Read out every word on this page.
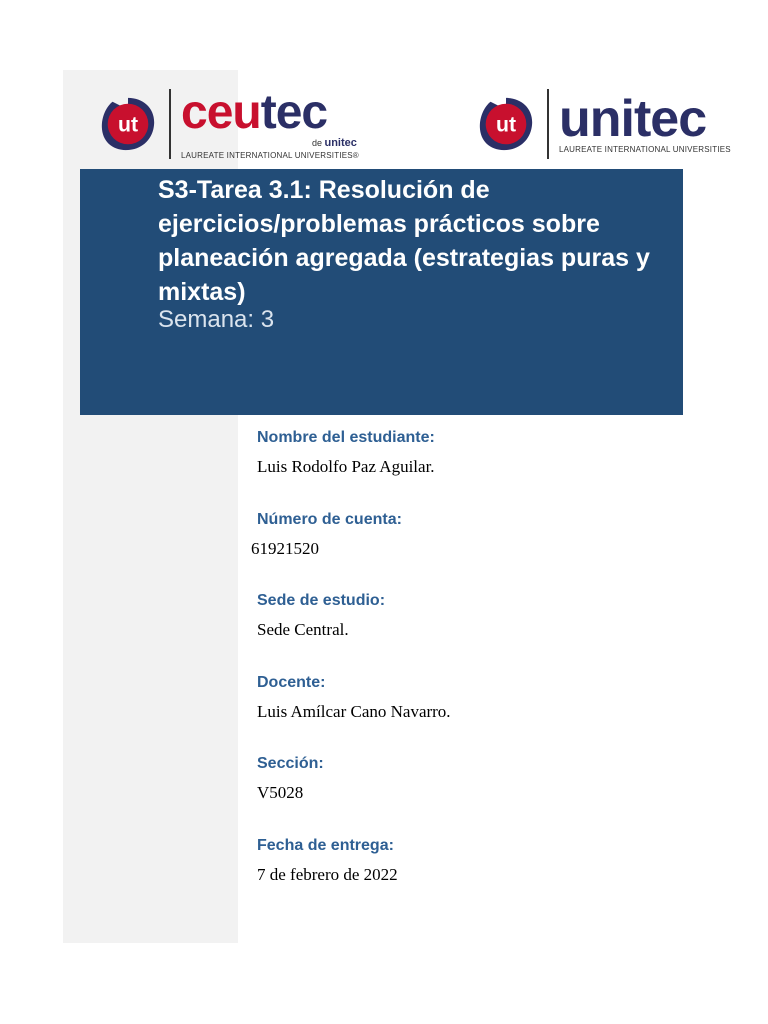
ut ceutec
de unitec
LAUREATE INTERNATIONAL UNIVERSITIES®
ut unitec
LAUREATE INTERNATIONAL UNIVERSITIES

S3-Tarea 3.1: Resolución de ejercicios/problemas prácticos sobre planeación agregada (estrategias puras y mixtas)

Semana: 3

Nombre del estudiante:

Luis Rodolfo Paz Aguilar.

Número de cuenta:

61921520

Sede de estudio:

Sede Central.

Docente:

Luis Amílcar Cano Navarro.

Sección:

V5028

Fecha de entrega:

7 de febrero de 2022
